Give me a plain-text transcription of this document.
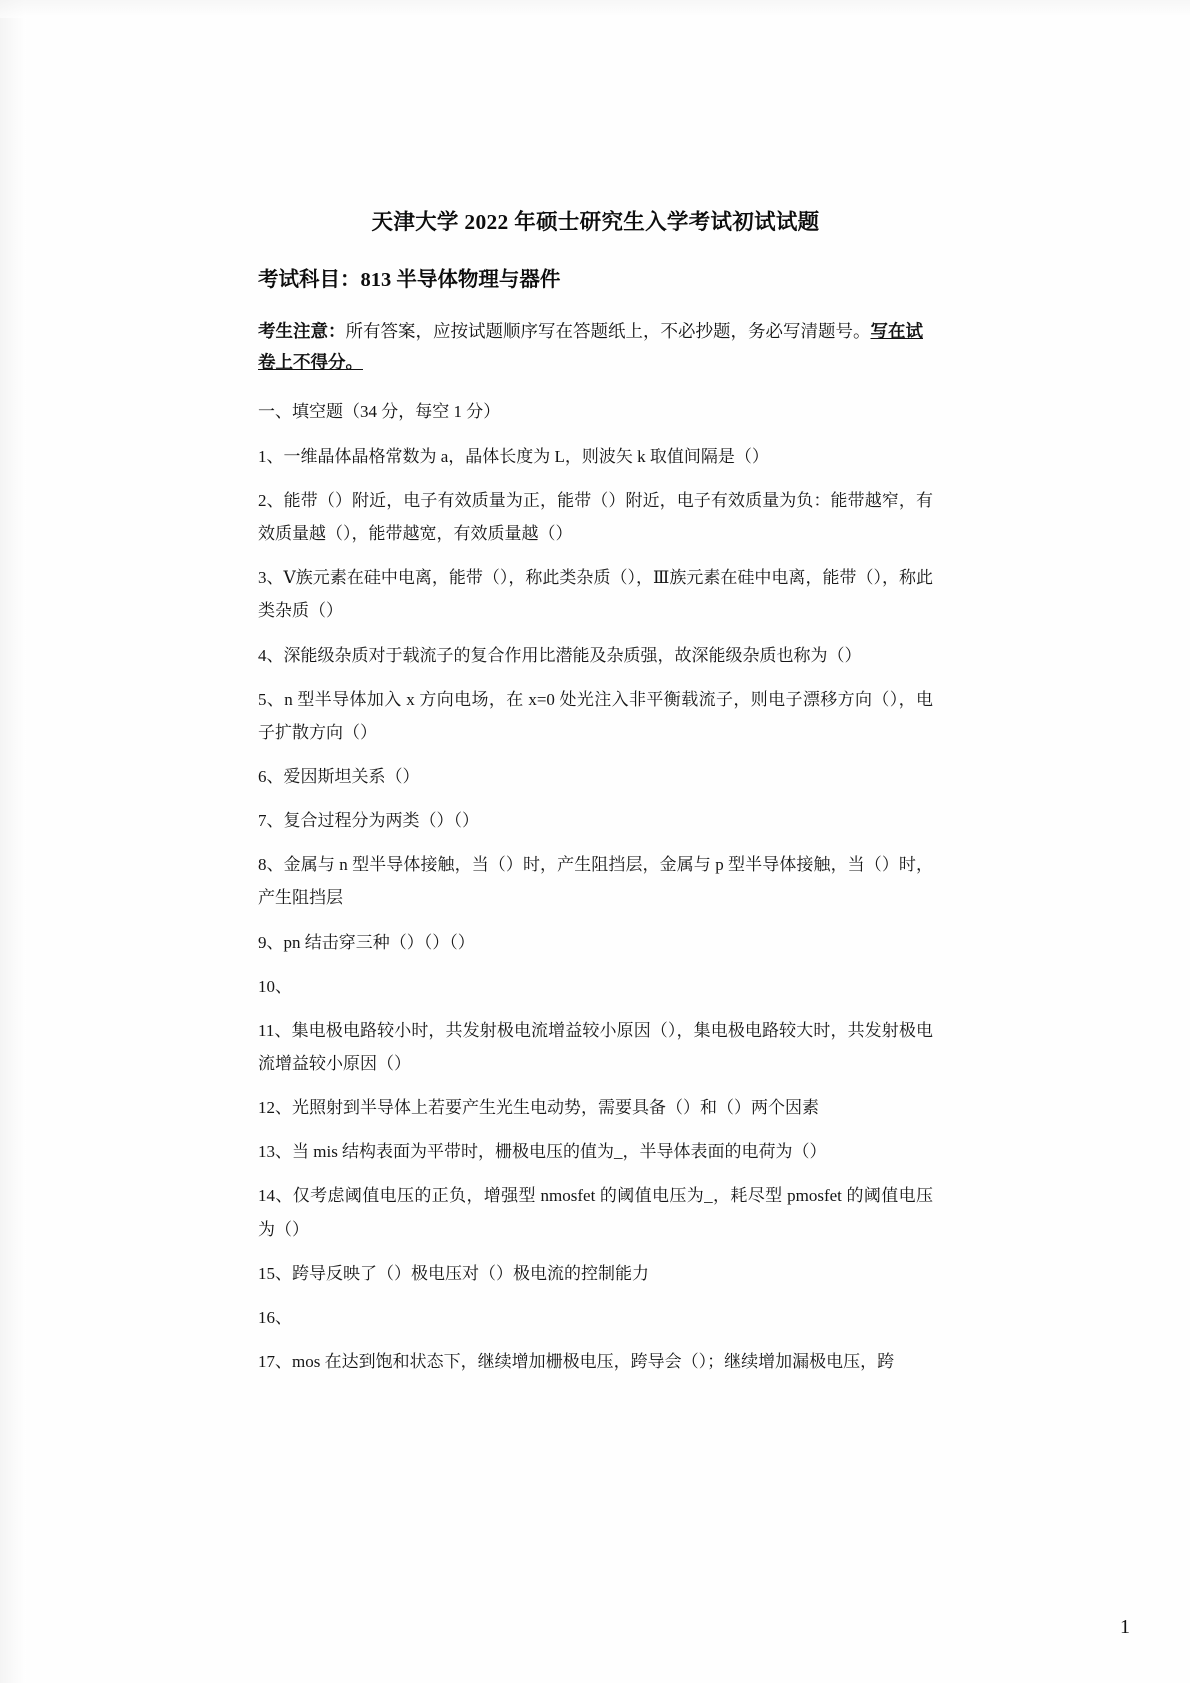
天津大学 2022 年硕士研究生入学考试初试试题
考试科目：813 半导体物理与器件
考生注意：所有答案，应按试题顺序写在答题纸上，不必抄题，务必写清题号。写在试卷上不得分。
一、填空题（34 分，每空 1 分）
1、一维晶体晶格常数为 a，晶体长度为 L，则波矢 k 取值间隔是（）
2、能带（）附近，电子有效质量为正，能带（）附近，电子有效质量为负：能带越窄，有效质量越（），能带越宽，有效质量越（）
3、Ⅴ族元素在硅中电离，能带（），称此类杂质（），Ⅲ族元素在硅中电离，能带（），称此类杂质（）
4、深能级杂质对于载流子的复合作用比潜能及杂质强，故深能级杂质也称为（）
5、n 型半导体加入 x 方向电场，在 x=0 处光注入非平衡载流子，则电子漂移方向（），电子扩散方向（）
6、爱因斯坦关系（）
7、复合过程分为两类（）（）
8、金属与 n 型半导体接触，当（）时，产生阻挡层，金属与 p 型半导体接触，当（）时，产生阻挡层
9、pn 结击穿三种（）（）（）
10、
11、集电极电路较小时，共发射极电流增益较小原因（），集电极电路较大时，共发射极电流增益较小原因（）
12、光照射到半导体上若要产生光生电动势，需要具备（）和（）两个因素
13、当 mis 结构表面为平带时，栅极电压的值为_，半导体表面的电荷为（）
14、仅考虑阈值电压的正负，增强型 nmosfet 的阈值电压为_，耗尽型 pmosfet 的阈值电压为（）
15、跨导反映了（）极电压对（）极电流的控制能力
16、
17、mos 在达到饱和状态下，继续增加栅极电压，跨导会（）；继续增加漏极电压，跨
1
